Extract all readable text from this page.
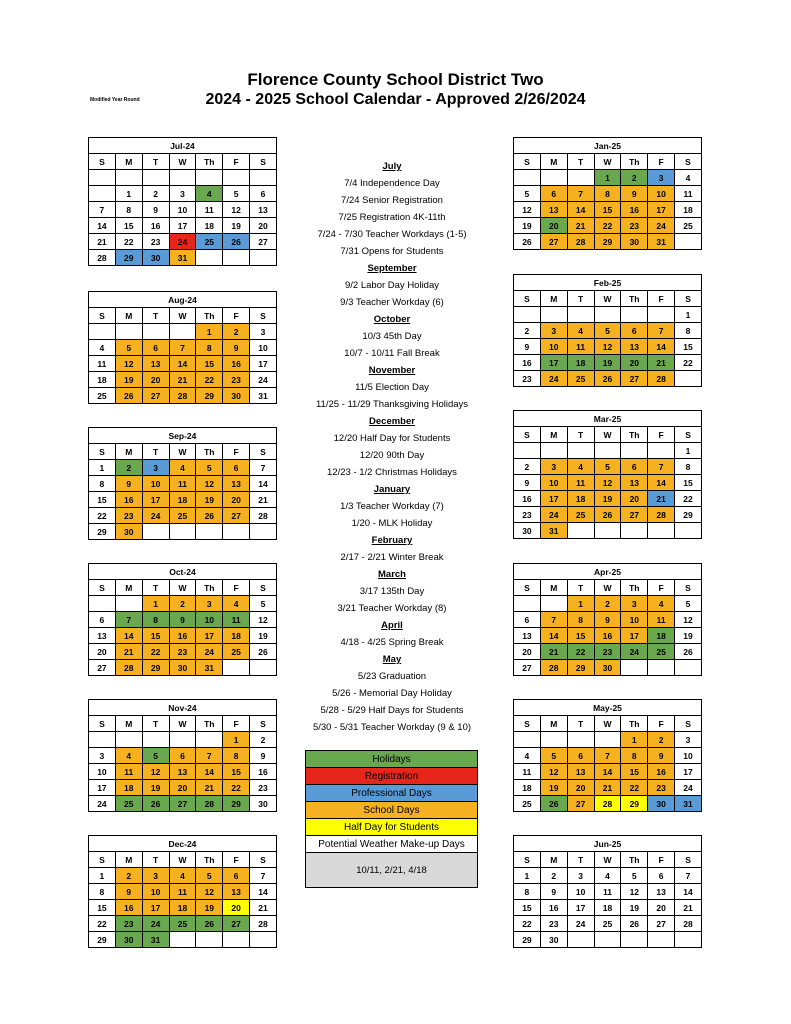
Florence County School District Two
2024 - 2025 School Calendar - Approved 2/26/2024
Modified Year Round
Jul-24						
S	M	T	W	Th	F	S

	1	2	3	4	5	6
7	8	9	10	11	12	13
14	15	16	17	18	19	20
21	22	23	24	25	26	27
28	29	30	31			
Aug-24						
S	M	T	W	Th	F	S
				1	2	3
4	5	6	7	8	9	10
11	12	13	14	15	16	17
18	19	20	21	22	23	24
25	26	27	28	29	30	31
Sep-24						
S	M	T	W	Th	F	S
1	2	3	4	5	6	7
8	9	10	11	12	13	14
15	16	17	18	19	20	21
22	23	24	25	26	27	28
29	30					
Oct-24						
S	M	T	W	Th	F	S
		1	2	3	4	5
6	7	8	9	10	11	12
13	14	15	16	17	18	19
20	21	22	23	24	25	26
27	28	29	30	31		
Nov-24						
S	M	T	W	Th	F	S
					1	2
3	4	5	6	7	8	9
10	11	12	13	14	15	16
17	18	19	20	21	22	23
24	25	26	27	28	29	30
Dec-24						
S	M	T	W	Th	F	S
1	2	3	4	5	6	7
8	9	10	11	12	13	14
15	16	17	18	19	20	21
22	23	24	25	26	27	28
29	30	31				
Jan-25						
S	M	T	W	Th	F	S
			1	2	3	4
5	6	7	8	9	10	11
12	13	14	15	16	17	18
19	20	21	22	23	24	25
26	27	28	29	30	31	
Feb-25						
S	M	T	W	Th	F	S
						1
2	3	4	5	6	7	8
9	10	11	12	13	14	15
16	17	18	19	20	21	22
23	24	25	26	27	28	
Mar-25						
S	M	T	W	Th	F	S
						1
2	3	4	5	6	7	8
9	10	11	12	13	14	15
16	17	18	19	20	21	22
23	24	25	26	27	28	29
30	31					
Apr-25						
S	M	T	W	Th	F	S
		1	2	3	4	5
6	7	8	9	10	11	12
13	14	15	16	17	18	19
20	21	22	23	24	25	26
27	28	29	30			
May-25						
S	M	T	W	Th	F	S
				1	2	3
4	5	6	7	8	9	10
11	12	13	14	15	16	17
18	19	20	21	22	23	24
25	26	27	28	29	30	31
Jun-25						
S	M	T	W	Th	F	S
1	2	3	4	5	6	7
8	9	10	11	12	13	14
15	16	17	18	19	20	21
22	23	24	25	26	27	28
29	30					
July
7/4 Independence Day
7/24 Senior Registration
7/25 Registration 4K-11th
7/24 - 7/30 Teacher Workdays (1-5)
7/31 Opens for Students
September
9/2 Labor Day Holiday
9/3 Teacher Workday (6)
October
10/3 45th Day
10/7 - 10/11 Fall Break
November
11/5 Election Day
11/25 - 11/29 Thanksgiving Holidays
December
12/20 Half Day for Students
12/20 90th Day
12/23 - 1/2 Christmas Holidays
January
1/3 Teacher Workday (7)
1/20 - MLK Holiday
February
2/17 - 2/21 Winter Break
March
3/17 135th Day
3/21 Teacher Workday (8)
April
4/18 - 4/25 Spring Break
May
5/23 Graduation
5/26 - Memorial Day Holiday
5/28 - 5/29 Half Days for Students
5/30 - 5/31 Teacher Workday (9 & 10)
Holidays
Registration
Professional Days
School Days
Half Day for Students
Potential Weather Make-up Days
10/11, 2/21, 4/18
